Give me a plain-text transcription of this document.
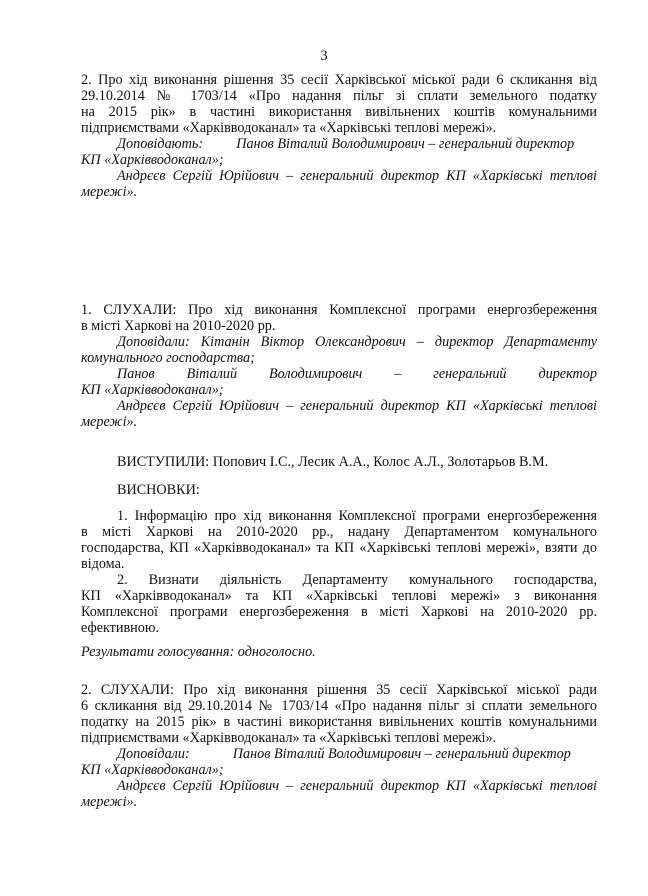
3

2. Про хід виконання рішення 35 сесії Харківської міської ради 6 скликання від

29.10.2014 № 1703/14 «Про надання пільг зі сплати земельного податку

на 2015 рік» в частині використання вивільнених коштів комунальними

підприємствами «Харківводоканал» та «Харківські теплові мережі».

Доповідають: Панов Віталий Володимирович – генеральний директор

КП «Харківводоканал»;

Андрєєв Сергій Юрійович – генеральний директор КП «Харківські теплові

мережі».

1. СЛУХАЛИ: Про хід виконання Комплексної програми енергозбереження

в місті Харкові на 2010-2020 рр.

Доповідали: Кітанін Віктор Олександрович – директор Департаменту

комунального господарства;

Панов Віталий Володимирович – генеральний директор

КП «Харківводоканал»;

Андрєєв Сергій Юрійович – генеральний директор КП «Харківські теплові

мережі».

ВИСТУПИЛИ: Попович І.С., Лесик А.А., Колос А.Л., Золотарьов В.М.

ВИСНОВКИ:

1. Інформацію про хід виконання Комплексної програми енергозбереження

в місті Харкові на 2010-2020 рр., надану Департаментом комунального

господарства, КП «Харківводоканал» та КП «Харківські теплові мережі», взяти до

відома.

2. Визнати діяльність Департаменту комунального господарства,

КП «Харківводоканал» та КП «Харківські теплові мережі» з виконання

Комплексної програми енергозбереження в місті Харкові на 2010-2020 рр.

ефективною.

Результати голосування: одноголосно.

2. СЛУХАЛИ: Про хід виконання рішення 35 сесії Харківської міської ради

6 скликання від 29.10.2014 № 1703/14 «Про надання пільг зі сплати земельного

податку на 2015 рік» в частині використання вивільнених коштів комунальними

підприємствами «Харківводоканал» та «Харківські теплові мережі».

Доповідали:	Панов Віталий Володимирович – генеральний директор

КП «Харківводоканал»;

Андрєєв Сергій Юрійович – генеральний директор КП «Харківські теплові

мережі».
